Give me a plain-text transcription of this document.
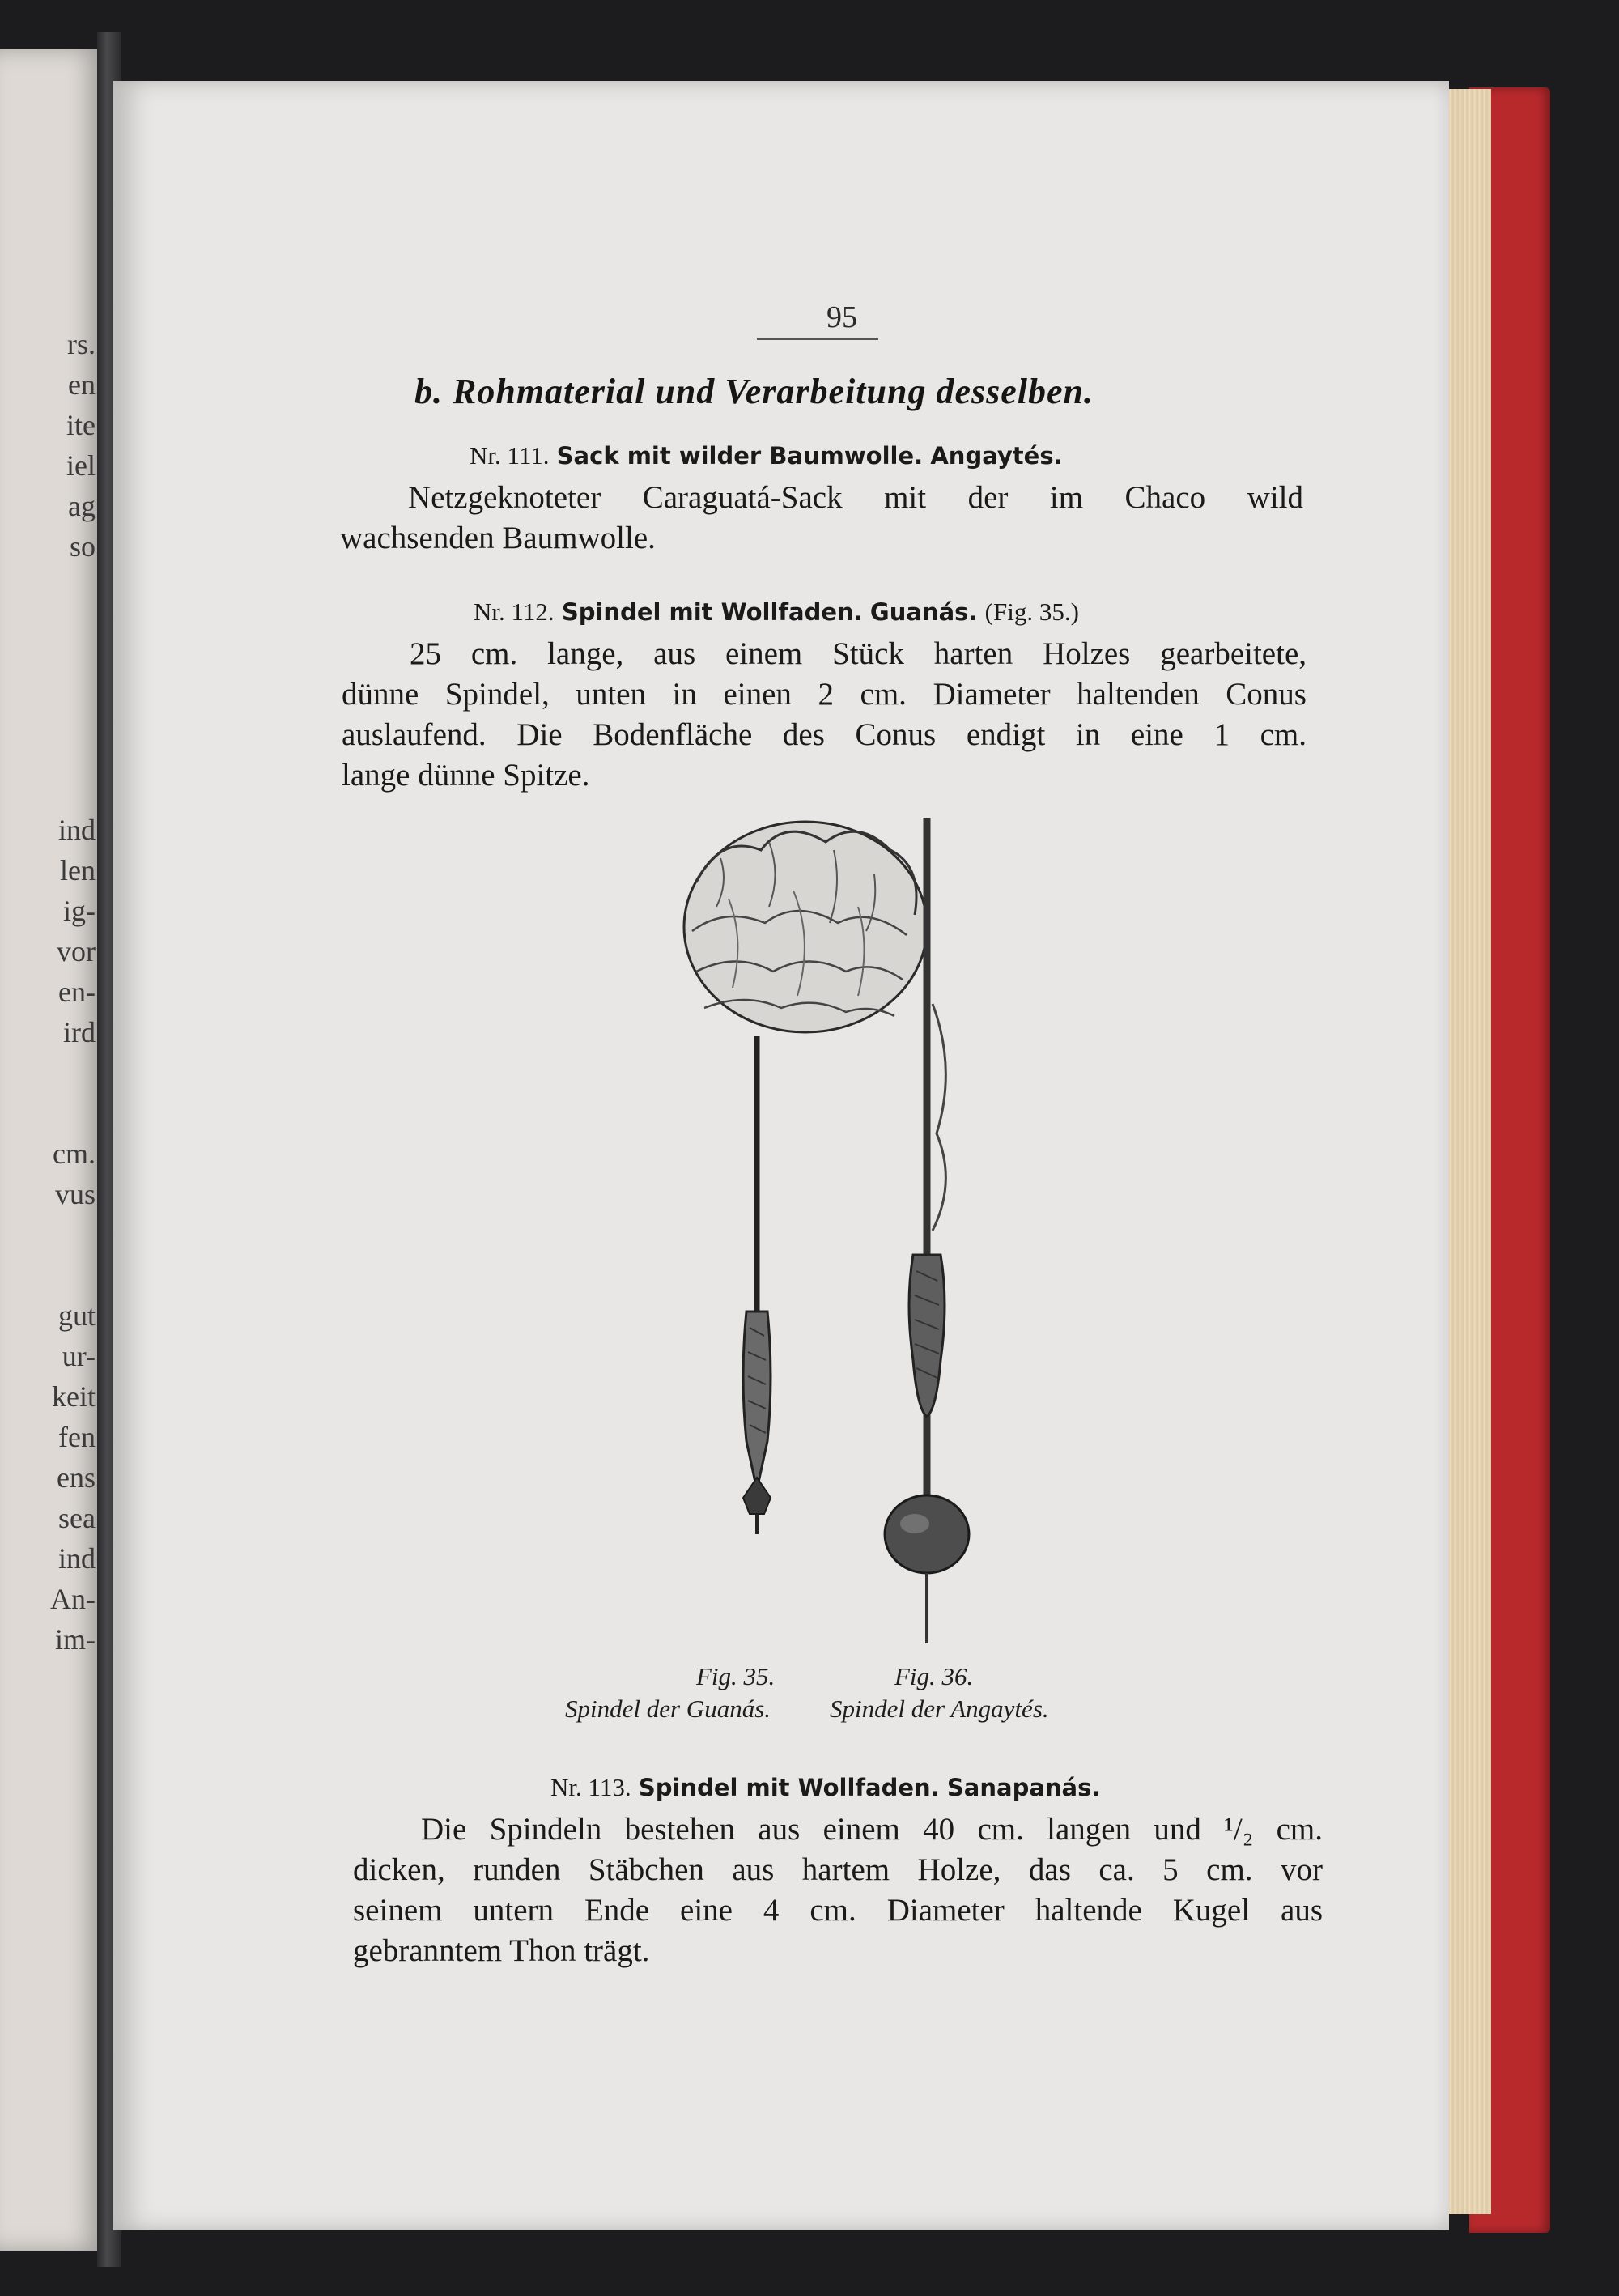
rs.
en
ite
iel
ag
so

ind
len
ig-
vor
en-
ird

cm.
vus

gut
ur-
keit
fen
ens
sea
ind
An-
im-
95
b. Rohmaterial und Verarbeitung desselben.
Nr. 111. Sack mit wilder Baumwolle. Angaytés.
Netzgeknoteter Caraguatá-Sack mit der im Chaco wild
wachsenden Baumwolle.
Nr. 112. Spindel mit Wollfaden. Guanás. (Fig. 35.)
25 cm. lange, aus einem Stück harten Holzes gearbeitete,
dünne Spindel, unten in einen 2 cm. Diameter haltenden Conus
auslaufend. Die Bodenfläche des Conus endigt in eine 1 cm.
lange dünne Spitze.
Fig. 35.	Fig. 36.
Spindel der Guanás. Spindel der Angaytés.
Nr. 113. Spindel mit Wollfaden. Sanapanás.
Die Spindeln bestehen aus einem 40 cm. langen und ¹/₂ cm.
dicken, runden Stäbchen aus hartem Holze, das ca. 5 cm. vor
seinem untern Ende eine 4 cm. Diameter haltende Kugel aus
gebranntem Thon trägt.
